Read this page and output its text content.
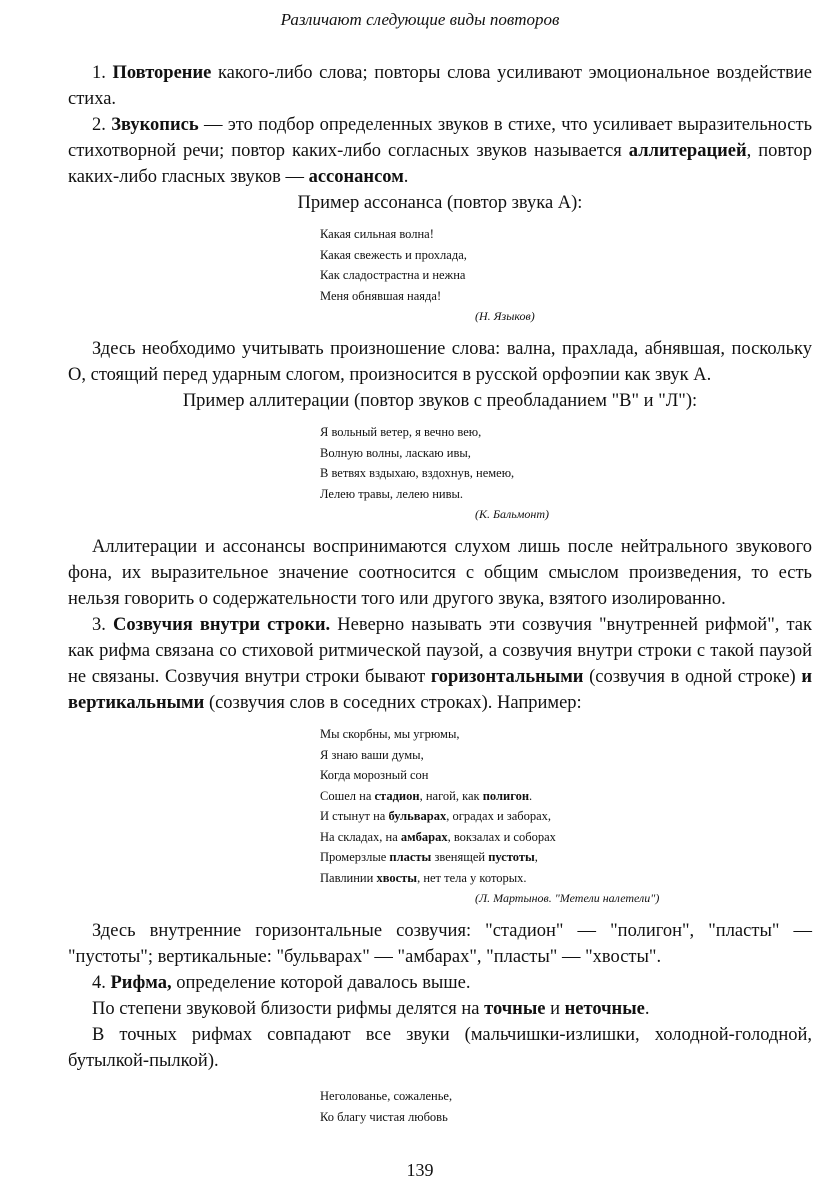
Различают следующие виды повторов

1. Повторение какого-либо слова; повторы слова усиливают эмоциональное воздействие стиха.

2. Звукопись — это подбор определенных звуков в стихе, что усиливает выразительность стихотворной речи; повтор каких-либо согласных звуков называется аллитерацией, повтор каких-либо гласных звуков — ассонансом.

Пример ассонанса (повтор звука А):

Какая сильная волна!
Какая свежесть и прохлада,
Как сладострастна и нежна
Меня обнявшая наяда!
(Н. Языков)

Здесь необходимо учитывать произношение слова: вална, прахлада, абнявшая, поскольку О, стоящий перед ударным слогом, произносится в русской орфоэпии как звук А.

Пример аллитерации (повтор звуков с преобладанием "В" и "Л"):

Я вольный ветер, я вечно вею,
Волную волны, ласкаю ивы,
В ветвях вздыхаю, вздохнув, немею,
Лелею травы, лелею нивы.
(К. Бальмонт)

Аллитерации и ассонансы воспринимаются слухом лишь после нейтрального звукового фона, их выразительное значение соотносится с общим смыслом произведения, то есть нельзя говорить о содержательности того или другого звука, взятого изолированно.

3. Созвучия внутри строки. Неверно называть эти созвучия "внутренней рифмой", так как рифма связана со стиховой ритмической паузой, а созвучия внутри строки с такой паузой не связаны. Созвучия внутри строки бывают горизонтальными (созвучия в одной строке) и вертикальными (созвучия слов в соседних строках). Например:

Мы скорбны, мы угрюмы,
Я знаю ваши думы,
Когда морозный сон
Сошел на стадион, нагой, как полигон.
И стынут на бульварах, оградах и заборах,
На складах, на амбарах, вокзалах и соборах
Промерзлые пласты звенящей пустоты,
Павлинии хвосты, нет тела у которых.
(Л. Мартынов. "Метели налетели")

Здесь внутренние горизонтальные созвучия: "стадион" — "полигон", "пласты" — "пустоты"; вертикальные: "бульварах" — "амбарах", "пласты" — "хвосты".

4. Рифма, определение которой давалось выше.

По степени звуковой близости рифмы делятся на точные и неточные.

В точных рифмах совпадают все звуки (мальчишки-излишки, холодной-голодной, бутылкой-пылкой).

Неголованье, сожаленье,
Ко благу чистая любовь
139
